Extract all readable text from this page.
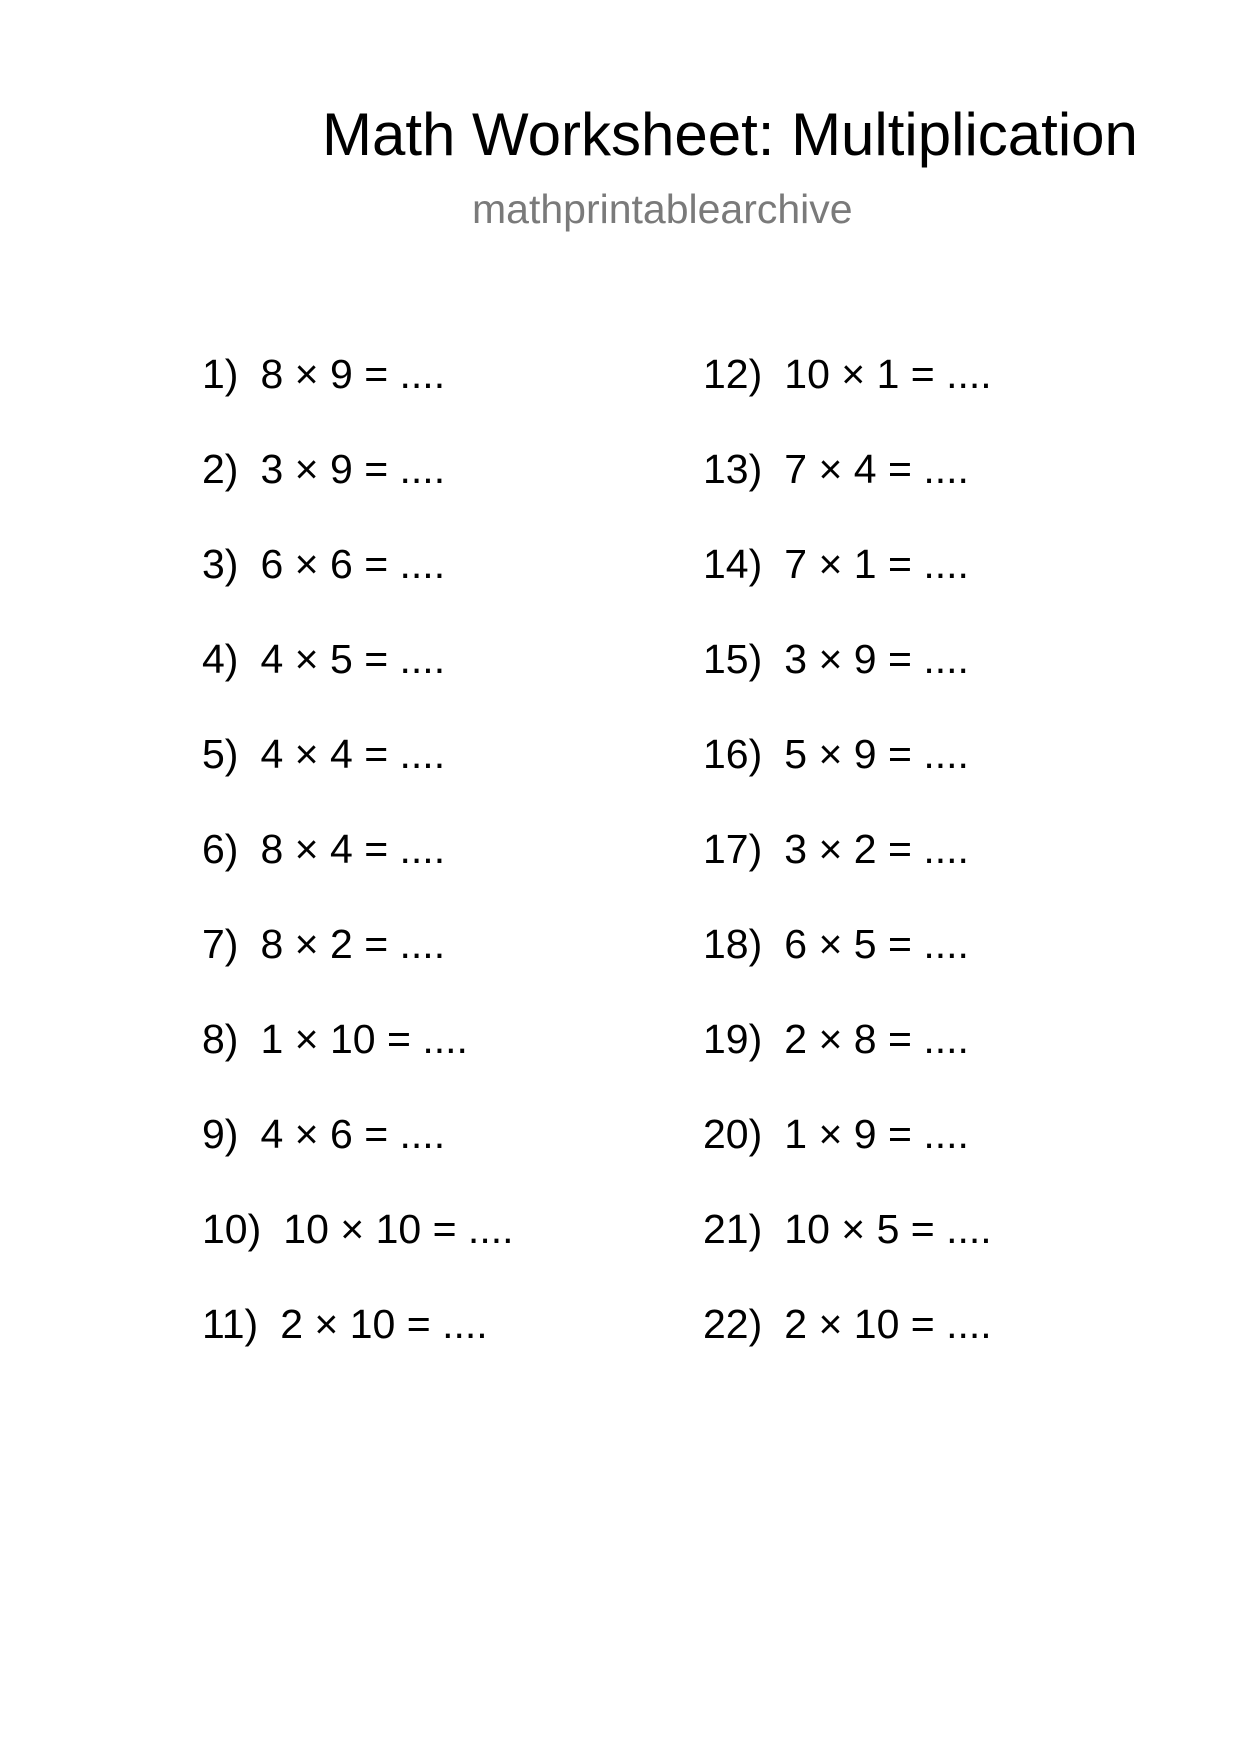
Math Worksheet: Multiplication
mathprintablearchive
1) 8 × 9 = ....
2) 3 × 9 = ....
3) 6 × 6 = ....
4) 4 × 5 = ....
5) 4 × 4 = ....
6) 8 × 4 = ....
7) 8 × 2 = ....
8) 1 × 10 = ....
9) 4 × 6 = ....
10) 10 × 10 = ....
11) 2 × 10 = ....
12) 10 × 1 = ....
13) 7 × 4 = ....
14) 7 × 1 = ....
15) 3 × 9 = ....
16) 5 × 9 = ....
17) 3 × 2 = ....
18) 6 × 5 = ....
19) 2 × 8 = ....
20) 1 × 9 = ....
21) 10 × 5 = ....
22) 2 × 10 = ....
